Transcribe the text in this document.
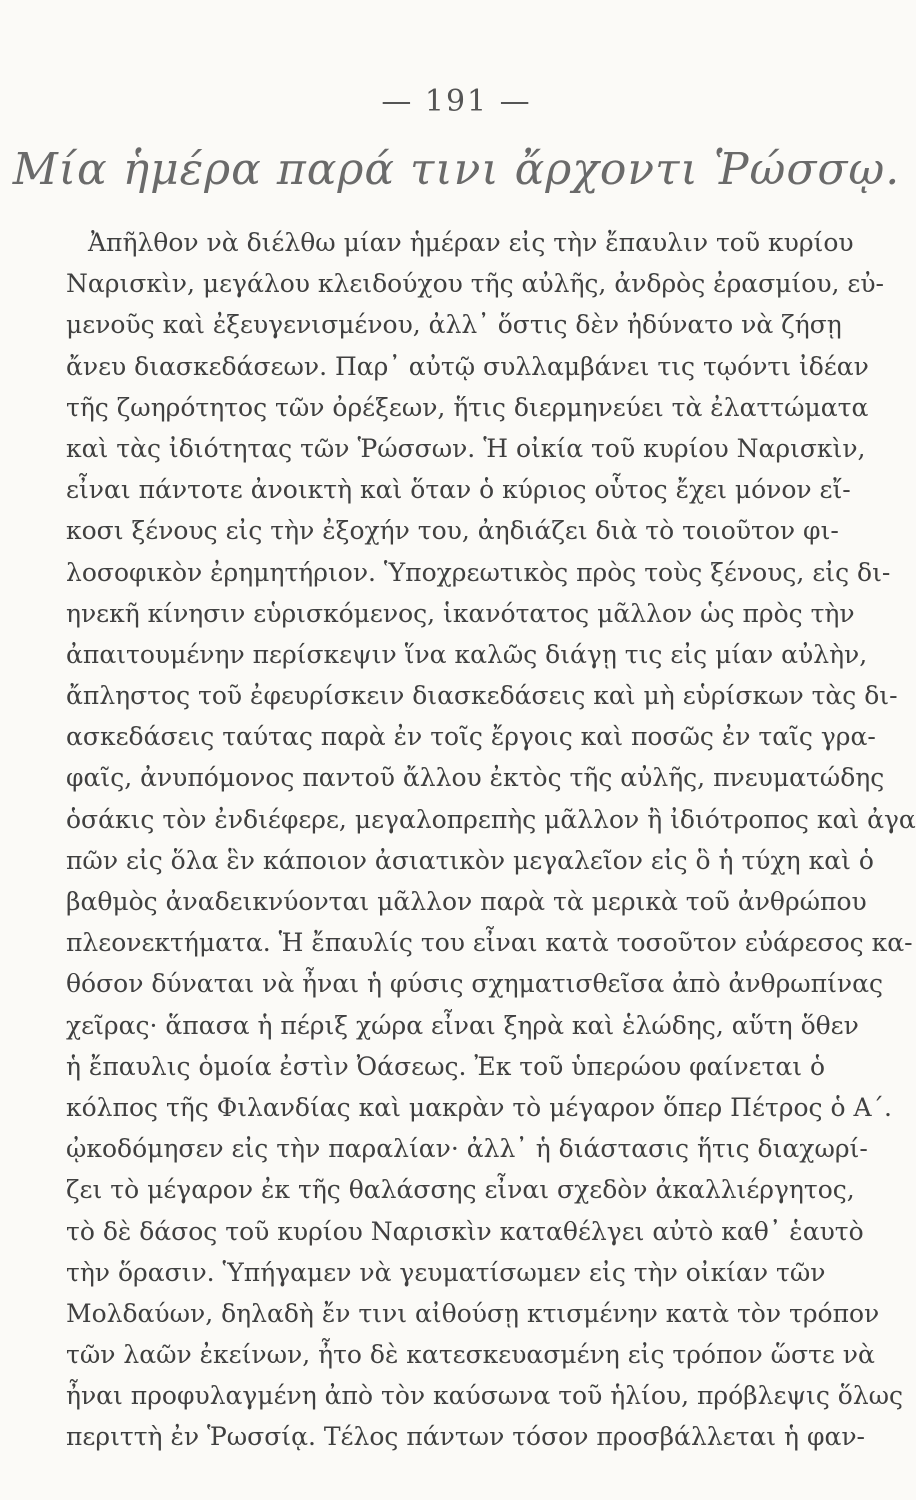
— 191 —
Μία ἡμέρα παρά τινι ἄρχοντι Ῥώσσῳ.
Ἀπῆλθον νὰ διέλθω μίαν ἡμέραν εἰς τὴν ἔπαυλιν τοῦ κυρίου
Ναρισκὶν, μεγάλου κλειδούχου τῆς αὐλῆς, ἀνδρὸς ἐρασμίου, εὐ-
μενοῦς καὶ ἐξευγενισμένου, ἀλλ᾽ ὅστις δὲν ἠδύνατο νὰ ζήσῃ
ἄνευ διασκεδάσεων. Παρ᾽ αὐτῷ συλλαμβάνει τις τῳόντι ἰδέαν
τῆς ζωηρότητος τῶν ὀρέξεων, ἥτις διερμηνεύει τὰ ἐλαττώματα
καὶ τὰς ἰδιότητας τῶν Ῥώσσων. Ἡ οἰκία τοῦ κυρίου Ναρισκὶν,
εἶναι πάντοτε ἀνοικτὴ καὶ ὅταν ὁ κύριος οὗτος ἔχει μόνον εἴ-
κοσι ξένους εἰς τὴν ἐξοχήν του, ἀηδιάζει διὰ τὸ τοιοῦτον φι-
λοσοφικὸν ἐρημητήριον. Ὑποχρεωτικὸς πρὸς τοὺς ξένους, εἰς δι-
ηνεκῆ κίνησιν εὑρισκόμενος, ἱκανότατος μᾶλλον ὡς πρὸς τὴν
ἀπαιτουμένην περίσκεψιν ἵνα καλῶς διάγῃ τις εἰς μίαν αὐλὴν,
ἄπληστος τοῦ ἐφευρίσκειν διασκεδάσεις καὶ μὴ εὑρίσκων τὰς δι-
ασκεδάσεις ταύτας παρὰ ἐν τοῖς ἔργοις καὶ ποσῶς ἐν ταῖς γρα-
φαῖς, ἀνυπόμονος παντοῦ ἄλλου ἐκτὸς τῆς αὐλῆς, πνευματώδης
ὁσάκις τὸν ἐνδιέφερε, μεγαλοπρεπὴς μᾶλλον ἢ ἰδιότροπος καὶ ἀγα
πῶν εἰς ὅλα ἓν κάποιον ἀσιατικὸν μεγαλεῖον εἰς ὃ ἡ τύχη καὶ ὁ
βαθμὸς ἀναδεικνύονται μᾶλλον παρὰ τὰ μερικὰ τοῦ ἀνθρώπου
πλεονεκτήματα. Ἡ ἔπαυλίς του εἶναι κατὰ τοσοῦτον εὐάρεσος κα-
θόσον δύναται νὰ ἦναι ἡ φύσις σχηματισθεῖσα ἀπὸ ἀνθρωπίνας
χεῖρας· ἅπασα ἡ πέριξ χώρα εἶναι ξηρὰ καὶ ἑλώδης, αὕτη ὅθεν
ἡ ἔπαυλις ὁμοία ἐστὶν Ὀάσεως. Ἐκ τοῦ ὑπερώου φαίνεται ὁ
κόλπος τῆς Φιλανδίας καὶ μακρὰν τὸ μέγαρον ὅπερ Πέτρος ὁ Α΄.
ᾠκοδόμησεν εἰς τὴν παραλίαν· ἀλλ᾽ ἡ διάστασις ἥτις διαχωρί-
ζει τὸ μέγαρον ἐκ τῆς θαλάσσης εἶναι σχεδὸν ἀκαλλιέργητος,
τὸ δὲ δάσος τοῦ κυρίου Ναρισκὶν καταθέλγει αὐτὸ καθ᾽ ἑαυτὸ
τὴν ὅρασιν. Ὑπήγαμεν νὰ γευματίσωμεν εἰς τὴν οἰκίαν τῶν
Μολδαύων, δηλαδὴ ἔν τινι αἰθούσῃ κτισμένην κατὰ τὸν τρόπον
τῶν λαῶν ἐκείνων, ἦτο δὲ κατεσκευασμένη εἰς τρόπον ὥστε νὰ
ἦναι προφυλαγμένη ἀπὸ τὸν καύσωνα τοῦ ἡλίου, πρόβλεψις ὅλως
περιττὴ ἐν Ῥωσσίᾳ. Τέλος πάντων τόσον προσβάλλεται ἡ φαν-
